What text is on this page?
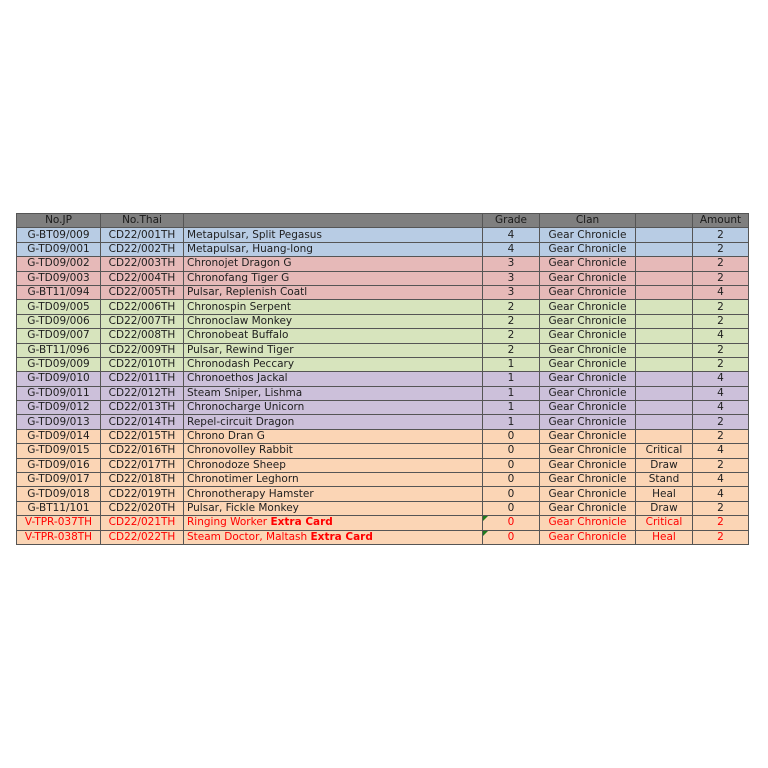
No.JP	No.Thai		Grade	Clan		Amount
G-BT09/009	CD22/001TH	Metapulsar, Split Pegasus	4	Gear Chronicle		2
G-TD09/001	CD22/002TH	Metapulsar, Huang-long	4	Gear Chronicle		2
G-TD09/002	CD22/003TH	Chronojet Dragon G	3	Gear Chronicle		2
G-TD09/003	CD22/004TH	Chronofang Tiger G	3	Gear Chronicle		2
G-BT11/094	CD22/005TH	Pulsar, Replenish Coatl	3	Gear Chronicle		4
G-TD09/005	CD22/006TH	Chronospin Serpent	2	Gear Chronicle		2
G-TD09/006	CD22/007TH	Chronoclaw Monkey	2	Gear Chronicle		2
G-TD09/007	CD22/008TH	Chronobeat Buffalo	2	Gear Chronicle		4
G-BT11/096	CD22/009TH	Pulsar, Rewind Tiger	2	Gear Chronicle		2
G-TD09/009	CD22/010TH	Chronodash Peccary	1	Gear Chronicle		2
G-TD09/010	CD22/011TH	Chronoethos Jackal	1	Gear Chronicle		4
G-TD09/011	CD22/012TH	Steam Sniper, Lishma	1	Gear Chronicle		4
G-TD09/012	CD22/013TH	Chronocharge Unicorn	1	Gear Chronicle		4
G-TD09/013	CD22/014TH	Repel-circuit Dragon	1	Gear Chronicle		2
G-TD09/014	CD22/015TH	Chrono Dran G	0	Gear Chronicle		2
G-TD09/015	CD22/016TH	Chronovolley Rabbit	0	Gear Chronicle	Critical	4
G-TD09/016	CD22/017TH	Chronodoze Sheep	0	Gear Chronicle	Draw	2
G-TD09/017	CD22/018TH	Chronotimer Leghorn	0	Gear Chronicle	Stand	4
G-TD09/018	CD22/019TH	Chronotherapy Hamster	0	Gear Chronicle	Heal	4
G-BT11/101	CD22/020TH	Pulsar, Fickle Monkey	0	Gear Chronicle	Draw	2
V-TPR-037TH	CD22/021TH	Ringing Worker Extra Card	0	Gear Chronicle	Critical	2
V-TPR-038TH	CD22/022TH	Steam Doctor, Maltash Extra Card	0	Gear Chronicle	Heal	2
